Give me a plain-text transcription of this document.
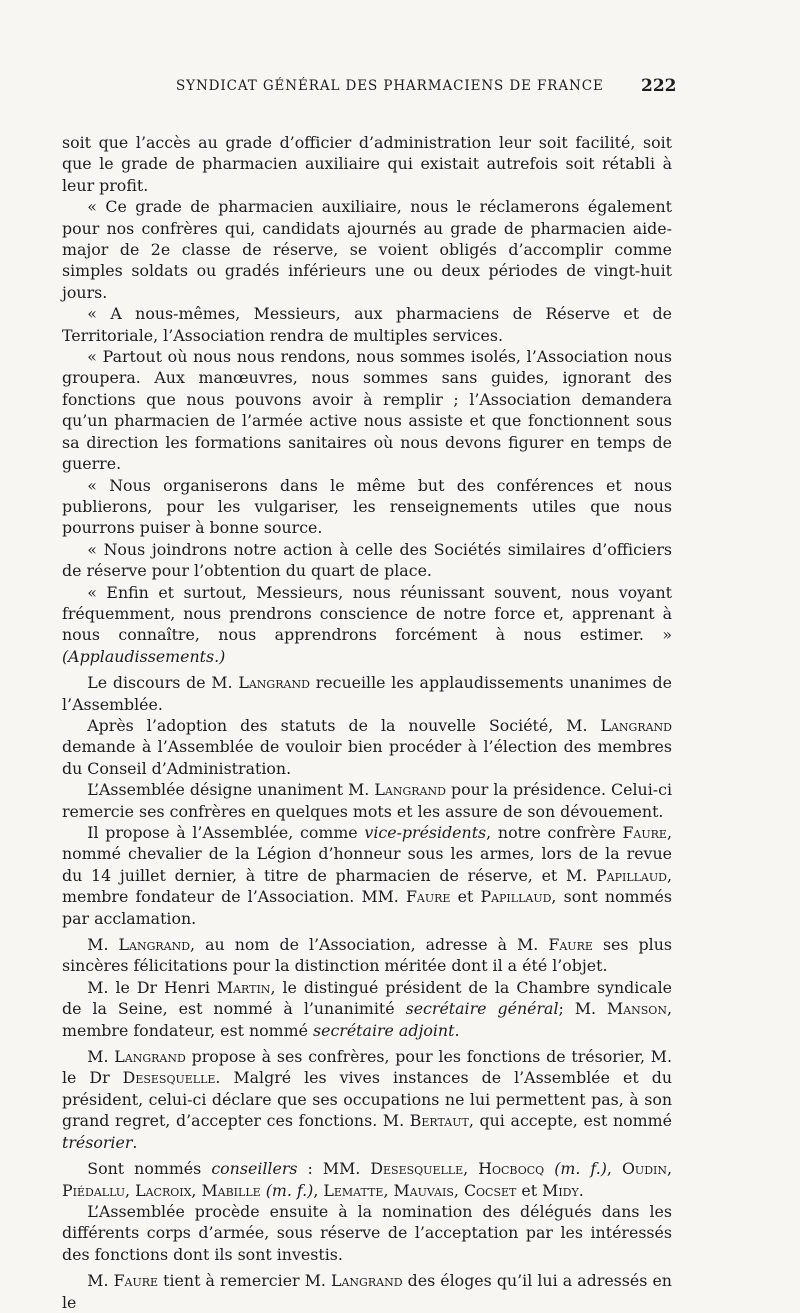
SYNDICAT GÉNÉRAL DES PHARMACIENS DE FRANCE	222

soit que l’accès au grade d’officier d’administration leur soit facilité, soit que le grade de pharmacien auxiliaire qui existait autrefois soit rétabli à leur profit.

« Ce grade de pharmacien auxiliaire, nous le réclamerons également pour nos confrères qui, candidats ajournés au grade de pharmacien aide-major de 2e classe de réserve, se voient obligés d’accomplir comme simples soldats ou gradés inférieurs une ou deux périodes de vingt-huit jours.

« A nous-mêmes, Messieurs, aux pharmaciens de Réserve et de Territoriale, l’Association rendra de multiples services.

« Partout où nous nous rendons, nous sommes isolés, l’Association nous groupera. Aux manœuvres, nous sommes sans guides, ignorant des fonctions que nous pouvons avoir à remplir ; l’Association demandera qu’un pharmacien de l’armée active nous assiste et que fonctionnent sous sa direction les formations sanitaires où nous devons figurer en temps de guerre.

« Nous organiserons dans le même but des conférences et nous publierons, pour les vulgariser, les renseignements utiles que nous pourrons puiser à bonne source.

« Nous joindrons notre action à celle des Sociétés similaires d’officiers de réserve pour l’obtention du quart de place.

« Enfin et surtout, Messieurs, nous réunissant souvent, nous voyant fréquemment, nous prendrons conscience de notre force et, apprenant à nous connaître, nous apprendrons forcément à nous estimer. » (Applaudissements.)

Le discours de M. Langrand recueille les applaudissements unanimes de l’Assemblée.

Après l’adoption des statuts de la nouvelle Société, M. Langrand demande à l’Assemblée de vouloir bien procéder à l’élection des membres du Conseil d’Administration.

L’Assemblée désigne unaniment M. Langrand pour la présidence. Celui-ci remercie ses confrères en quelques mots et les assure de son dévouement.

Il propose à l’Assemblée, comme vice-présidents, notre confrère Faure, nommé chevalier de la Légion d’honneur sous les armes, lors de la revue du 14 juillet dernier, à titre de pharmacien de réserve, et M. Papillaud, membre fondateur de l’Association. MM. Faure et Papillaud, sont nommés par acclamation.

M. Langrand, au nom de l’Association, adresse à M. Faure ses plus sincères félicitations pour la distinction méritée dont il a été l’objet.

M. le Dr Henri Martin, le distingué président de la Chambre syndicale de la Seine, est nommé à l’unanimité secrétaire général; M. Manson, membre fondateur, est nommé secrétaire adjoint.

M. Langrand propose à ses confrères, pour les fonctions de trésorier, M. le Dr Desesquelle. Malgré les vives instances de l’Assemblée et du président, celui-ci déclare que ses occupations ne lui permettent pas, à son grand regret, d’accepter ces fonctions. M. Bertaut, qui accepte, est nommé trésorier.

Sont nommés conseillers : MM. Desesquelle, Hocbocq (m. f.), Oudin, Piédallu, Lacroix, Mabille (m. f.), Lematte, Mauvais, Cocset et Midy.

L’Assemblée procède ensuite à la nomination des délégués dans les différents corps d’armée, sous réserve de l’acceptation par les intéressés des fonctions dont ils sont investis.

M. Faure tient à remercier M. Langrand des éloges qu’il lui a adressés en le
